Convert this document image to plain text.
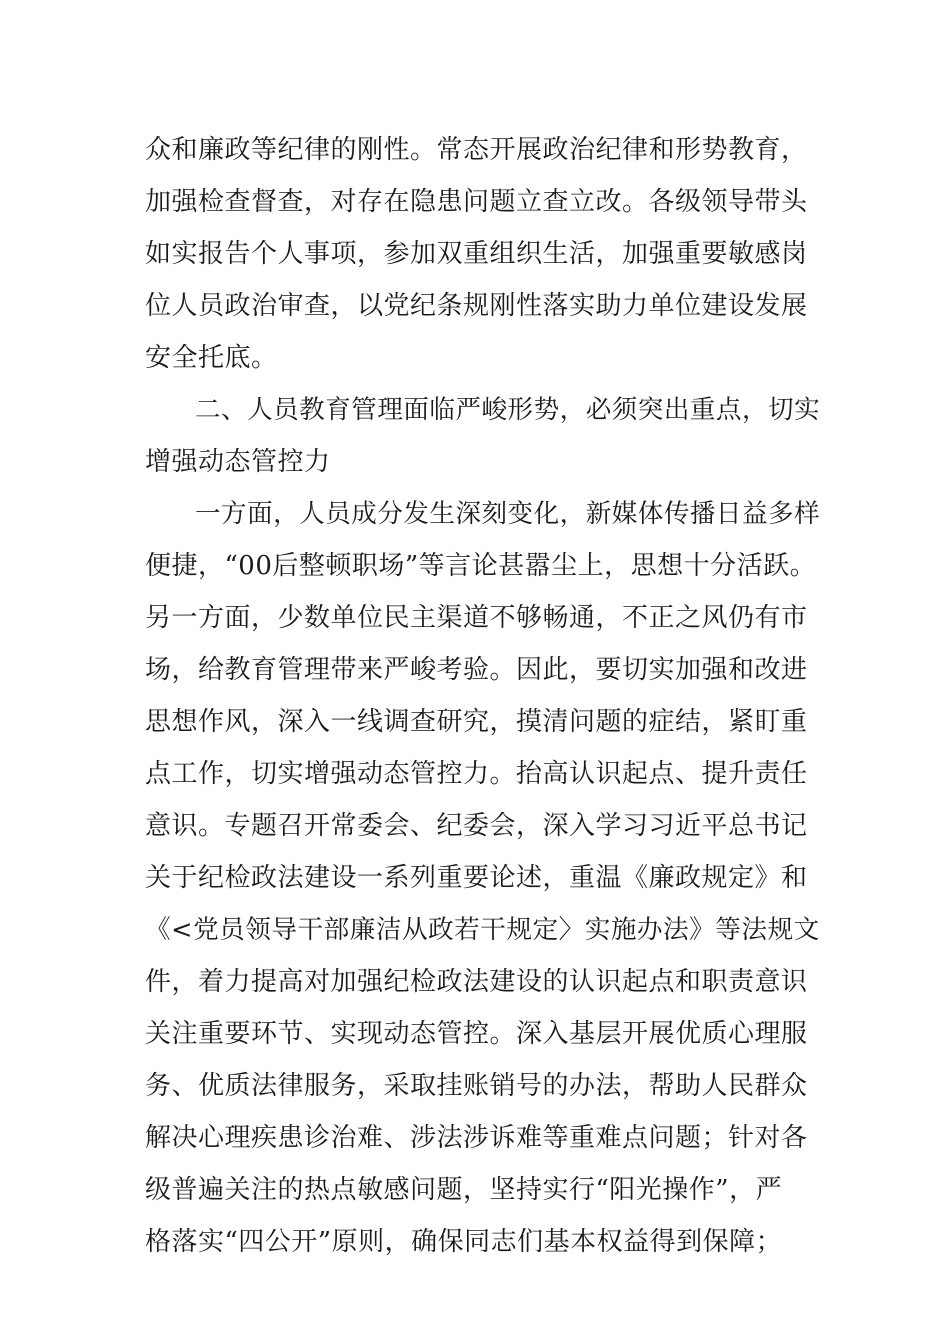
众和廉政等纪律的刚性。常态开展政治纪律和形势教育，
加强检查督查，对存在隐患问题立查立改。各级领导带头
如实报告个人事项，参加双重组织生活，加强重要敏感岗
位人员政治审查，以党纪条规刚性落实助力单位建设发展
安全托底。
二、人员教育管理面临严峻形势，必须突出重点，切实
增强动态管控力
一方面，人员成分发生深刻变化，新媒体传播日益多样
便捷，“00后整顿职场”等言论甚嚣尘上，思想十分活跃。
另一方面，少数单位民主渠道不够畅通，不正之风仍有市
场，给教育管理带来严峻考验。因此，要切实加强和改进
思想作风，深入一线调查研究，摸清问题的症结，紧盯重
点工作，切实增强动态管控力。抬高认识起点、提升责任
意识。专题召开常委会、纪委会，深入学习习近平总书记
关于纪检政法建设一系列重要论述，重温《廉政规定》和
《<党员领导干部廉洁从政若干规定〉实施办法》等法规文
件，着力提高对加强纪检政法建设的认识起点和职责意识
关注重要环节、实现动态管控。深入基层开展优质心理服
务、优质法律服务，采取挂账销号的办法，帮助人民群众
解决心理疾患诊治难、涉法涉诉难等重难点问题；针对各
级普遍关注的热点敏感问题，坚持实行“阳光操作”，严
格落实“四公开”原则，确保同志们基本权益得到保障；
